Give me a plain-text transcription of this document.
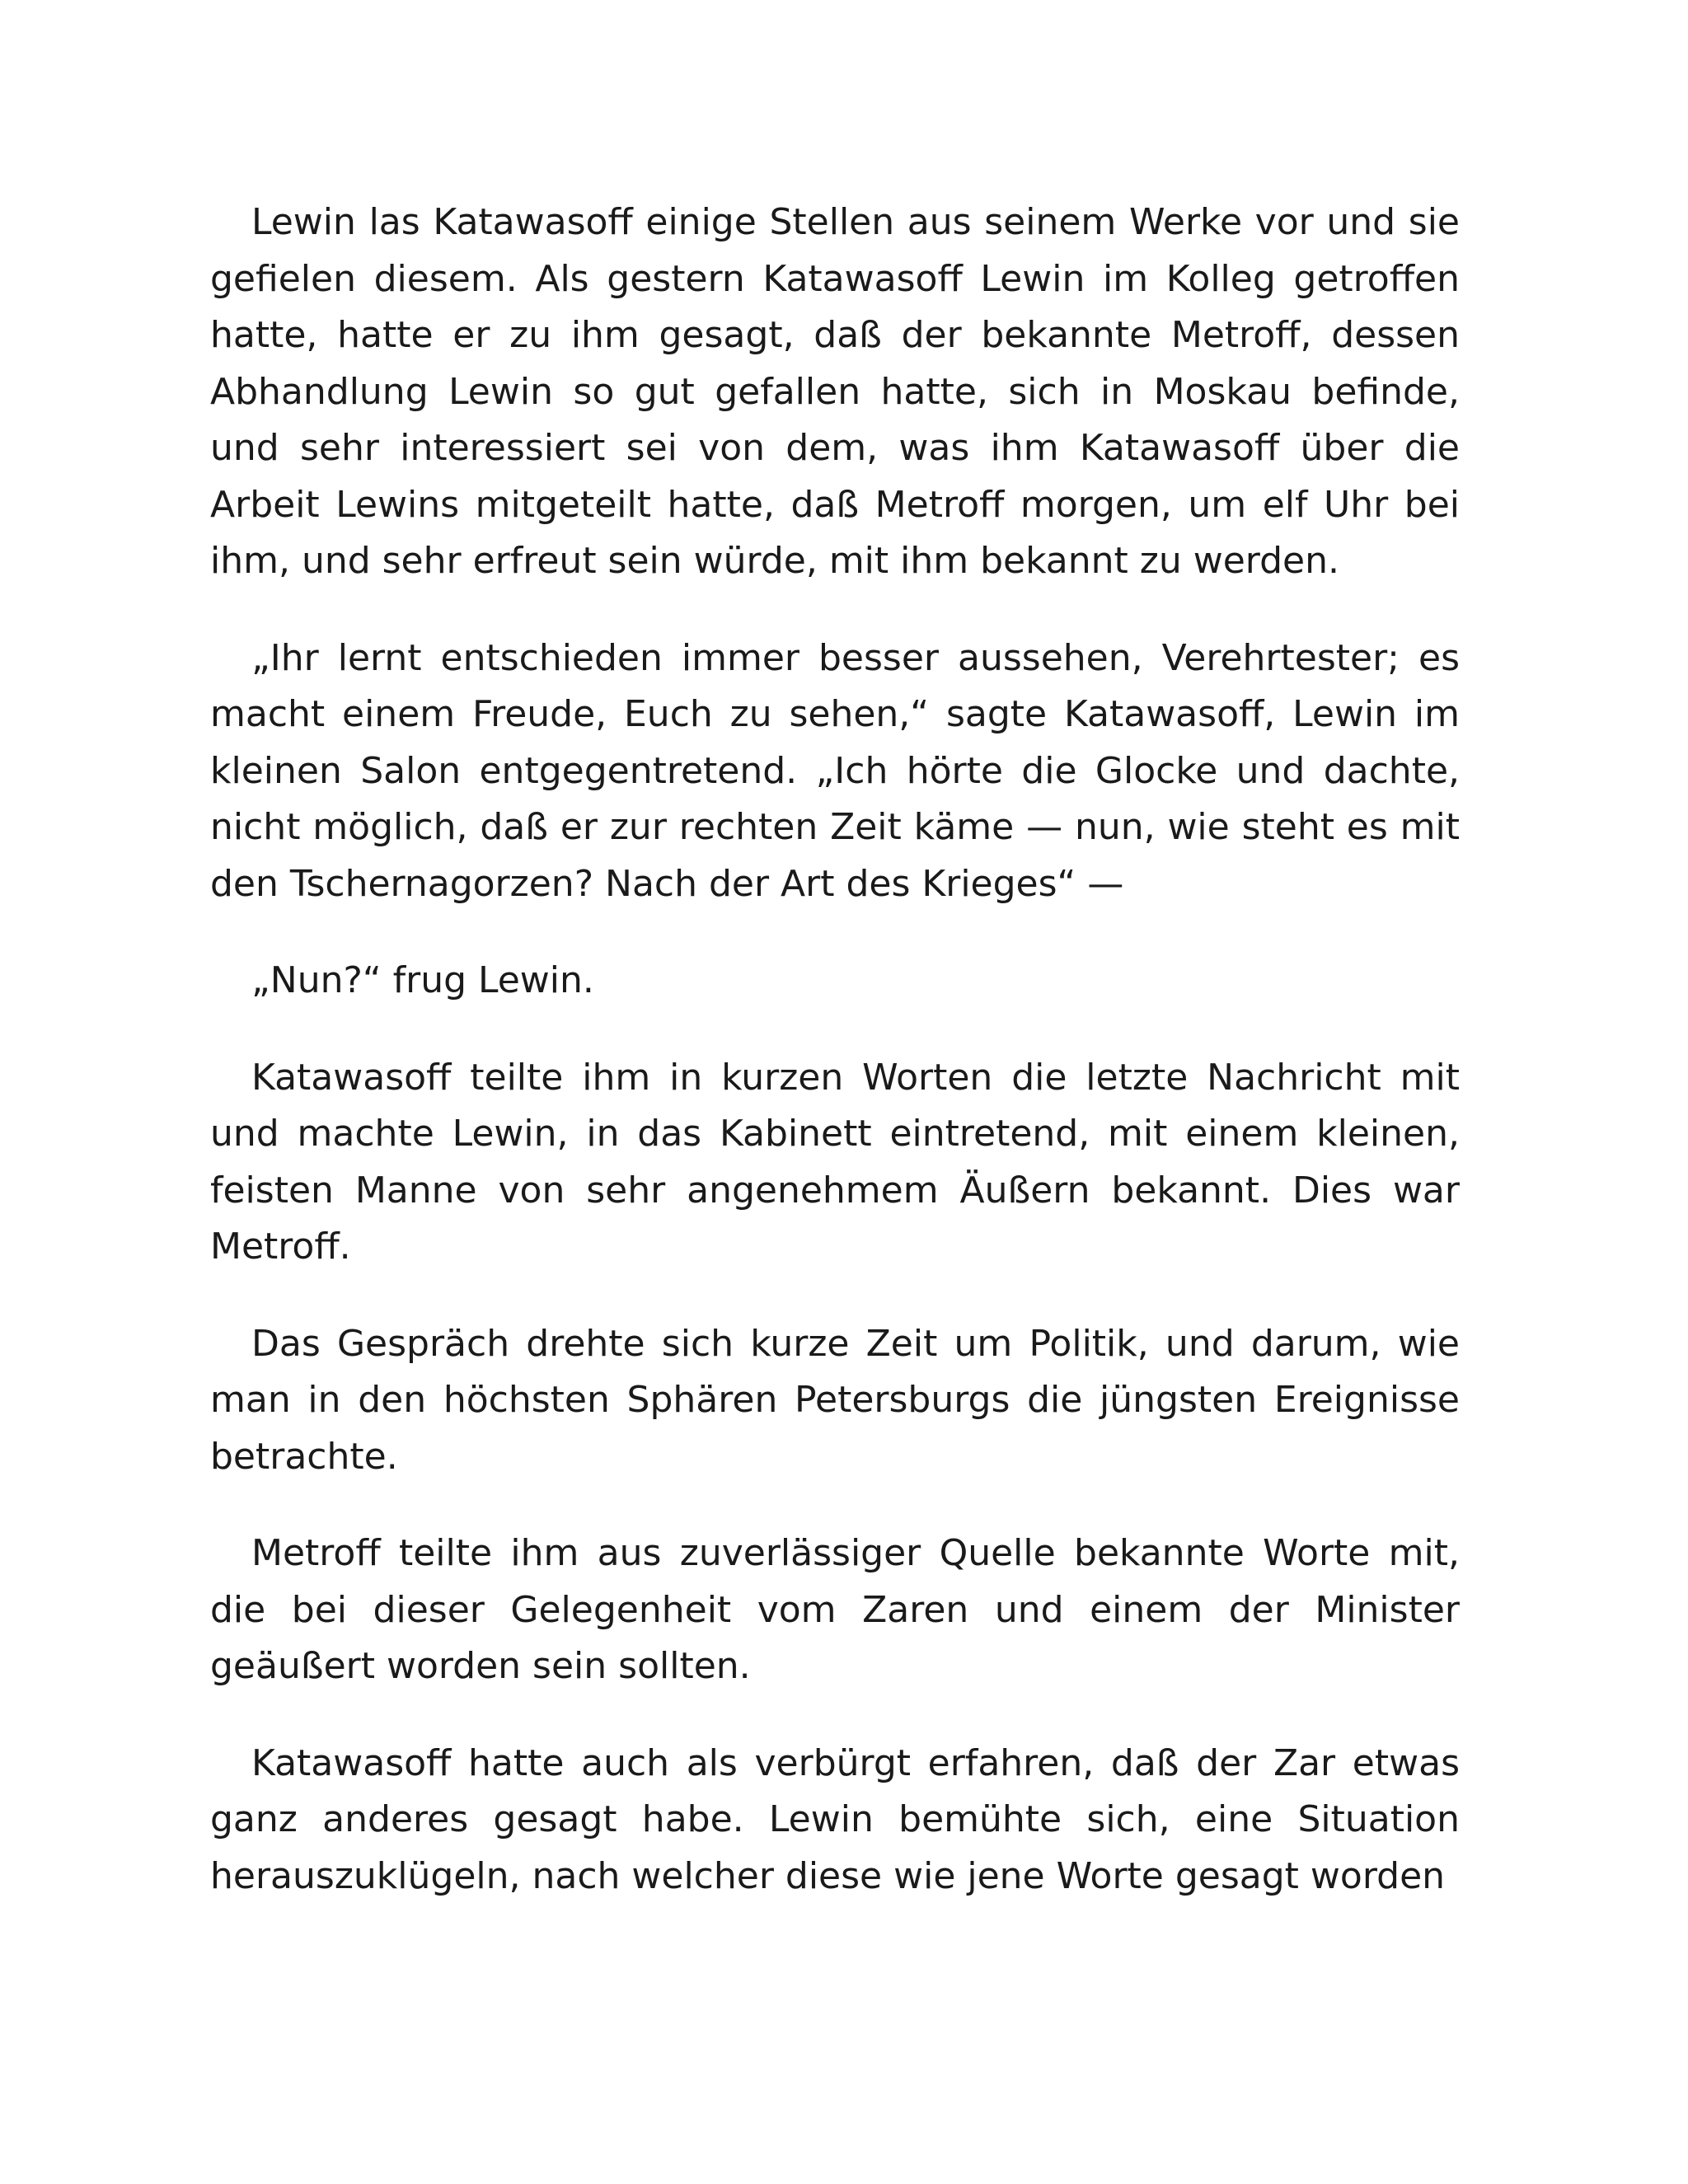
Lewin las Katawasoff einige Stellen aus seinem Werke vor und sie gefielen diesem. Als gestern Katawasoff Lewin im Kolleg getroffen hatte, hatte er zu ihm gesagt, daß der bekannte Metroff, dessen Abhandlung Lewin so gut gefallen hatte, sich in Moskau befinde, und sehr interessiert sei von dem, was ihm Katawasoff über die Arbeit Lewins mitgeteilt hatte, daß Metroff morgen, um elf Uhr bei ihm, und sehr erfreut sein würde, mit ihm bekannt zu werden.

„Ihr lernt entschieden immer besser aussehen, Verehrtester; es macht einem Freude, Euch zu sehen,“ sagte Katawasoff, Lewin im kleinen Salon entgegentretend. „Ich hörte die Glocke und dachte, nicht möglich, daß er zur rechten Zeit käme — nun, wie steht es mit den Tschernagorzen? Nach der Art des Krieges“ —

„Nun?“ frug Lewin.

Katawasoff teilte ihm in kurzen Worten die letzte Nachricht mit und machte Lewin, in das Kabinett eintretend, mit einem kleinen, feisten Manne von sehr angenehmem Äußern bekannt. Dies war Metroff.

Das Gespräch drehte sich kurze Zeit um Politik, und darum, wie man in den höchsten Sphären Petersburgs die jüngsten Ereignisse betrachte.

Metroff teilte ihm aus zuverlässiger Quelle bekannte Worte mit, die bei dieser Gelegenheit vom Zaren und einem der Minister geäußert worden sein sollten.

Katawasoff hatte auch als verbürgt erfahren, daß der Zar etwas ganz anderes gesagt habe. Lewin bemühte sich, eine Situation herauszuklügeln, nach welcher diese wie jene Worte gesagt worden
